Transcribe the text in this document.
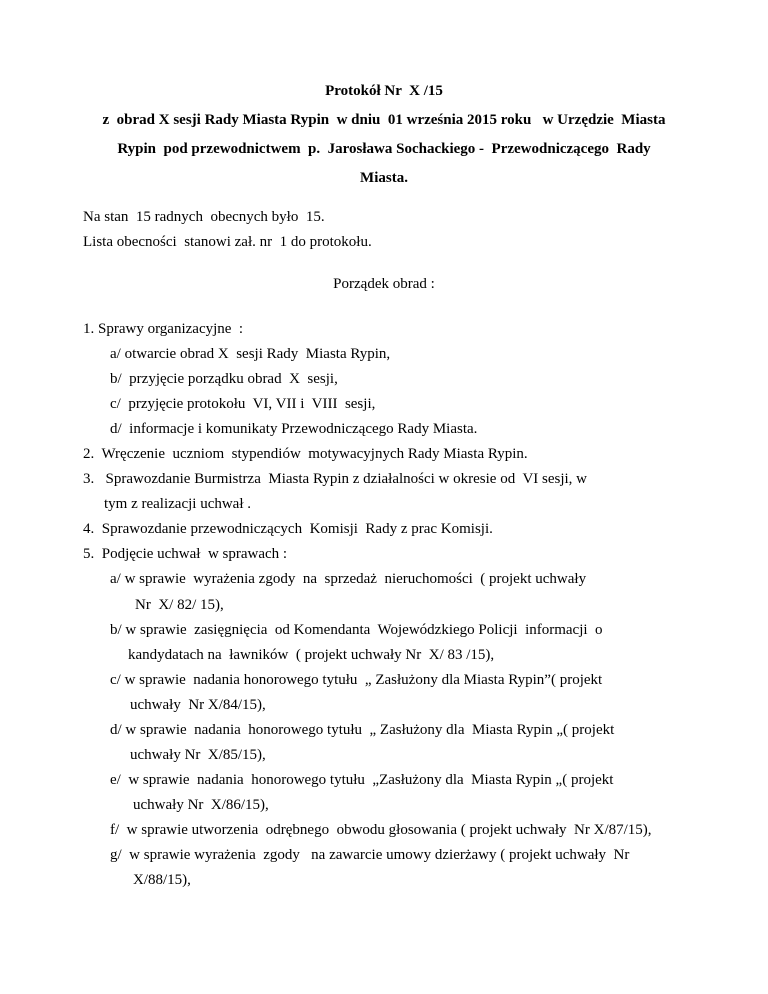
Protokół Nr  X /15
z  obrad X sesji Rady Miasta Rypin  w dniu  01 września 2015 roku   w Urzędzie  Miasta
Rypin  pod przewodnictwem  p.  Jarosława Sochackiego -  Przewodniczącego  Rady
Miasta.
Na stan  15 radnych  obecnych było  15.
Lista obecności  stanowi zał. nr  1 do protokołu.
Porządek obrad :
1. Sprawy organizacyjne  :
a/ otwarcie obrad X  sesji Rady  Miasta Rypin,
b/  przyjęcie porządku obrad  X  sesji,
c/  przyjęcie protokołu  VI, VII i  VIII  sesji,
d/  informacje i komunikaty Przewodniczącego Rady Miasta.
2.  Wręczenie  uczniom  stypendiów  motywacyjnych Rady Miasta Rypin.
3.   Sprawozdanie Burmistrza  Miasta Rypin z działalności w okresie od  VI sesji, w
tym z realizacji uchwał .
4.  Sprawozdanie przewodniczących  Komisji  Rady z prac Komisji.
5.  Podjęcie uchwał  w sprawach :
a/ w sprawie  wyrażenia zgody  na  sprzedaż  nieruchomości  ( projekt uchwały
Nr  X/ 82/ 15),
b/ w sprawie  zasięgnięcia  od Komendanta  Wojewódzkiego Policji  informacji  o
kandydatach na  ławników  ( projekt uchwały Nr  X/ 83 /15),
c/ w sprawie  nadania honorowego tytułu  „ Zasłużony dla Miasta Rypin”( projekt
uchwały  Nr X/84/15),
d/ w sprawie  nadania  honorowego tytułu  „ Zasłużony dla  Miasta Rypin „( projekt
uchwały Nr  X/85/15),
e/  w sprawie  nadania  honorowego tytułu  „Zasłużony dla  Miasta Rypin „( projekt
uchwały Nr  X/86/15),
f/  w sprawie utworzenia  odrębnego  obwodu głosowania ( projekt uchwały  Nr X/87/15),
g/  w sprawie wyrażenia  zgody   na zawarcie umowy dzierżawy ( projekt uchwały  Nr
X/88/15),
